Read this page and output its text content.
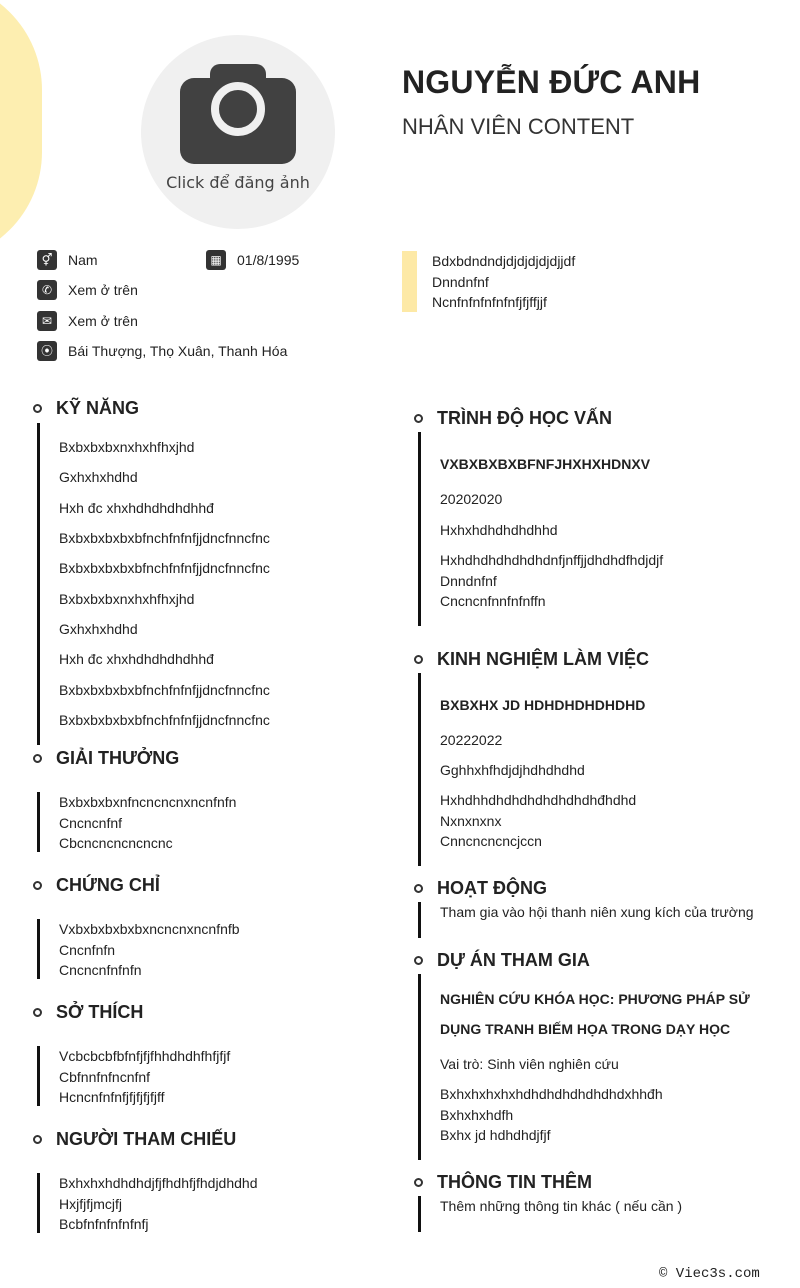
Click để đăng ảnh
NGUYỄN ĐỨC ANH
NHÂN VIÊN CONTENT
⚥	Nam	▦	01/8/1995
✆	Xem ở trên
✉	Xem ở trên
⦿ Bái Thượng, Thọ Xuân, Thanh Hóa
Bdxbdndndjdjdjdjdjdjjdf
Dnndnfnf
Ncnfnfnfnfnfnfjfjffjjf
KỸ NĂNG
Bxbxbxbxnxhxhfhxjhd
Gxhxhxhdhd
Hxh đc xhxhdhdhdhdhhđ
Bxbxbxbxbxbfnchfnfnfjjdncfnncfnc
Bxbxbxbxbxbfnchfnfnfjjdncfnncfnc
Bxbxbxbxnxhxhfhxjhd
Gxhxhxhdhd
Hxh đc xhxhdhdhdhdhhđ
Bxbxbxbxbxbfnchfnfnfjjdncfnncfnc
Bxbxbxbxbxbfnchfnfnfjjdncfnncfnc
GIẢI THƯỞNG
Bxbxbxbxnfncncncnxncnfnfn
Cncncnfnf
Cbcncncncncncnc
CHỨNG CHỈ
Vxbxbxbxbxbxncncnxncnfnfb
Cncnfnfn
Cncncnfnfnfn
SỞ THÍCH
Vcbcbcbfbfnfjfjfhhdhdhfhfjfjf
Cbfnnfnfncnfnf
Hcncnfnfnfjfjfjfjfjff
NGƯỜI THAM CHIẾU
Bxhxhxhdhdhdjfjfhdhfjfhdjdhdhd
Hxjfjfjmcjfj
Bcbfnfnfnfnfnfj
TRÌNH ĐỘ HỌC VẤN
VXBXBXBXBFNFJHXHXHDNXV
20202020
Hxhxhdhdhdhdhhd
Hxhdhdhdhdhdhdnfjnffjjdhdhdfhdjdjf
Dnndnfnf
Cncncnfnnfnfnffn
KINH NGHIỆM LÀM VIỆC
BXBXHX JD HDHDHDHDHDHD
20222022
Gghhxhfhdjdjhdhdhdhd
Hxhdhhdhdhdhdhdhdhdhđhdhd
Nxnxnxnx
Cnncncncncjccn
HOẠT ĐỘNG
Tham gia vào hội thanh niên xung kích của trường
DỰ ÁN THAM GIA
NGHIÊN CỨU KHÓA HỌC: PHƯƠNG PHÁP SỬ
DỤNG TRANH BIẾM HỌA TRONG DẠY HỌC
Vai trò: Sinh viên nghiên cứu
Bxhxhxhxhxhdhdhdhdhdhdhdxhhđh
Bxhxhxhdfh
Bxhx jd hdhdhdjfjf
THÔNG TIN THÊM
Thêm những thông tin khác ( nếu cần )
© Viec3s.com
